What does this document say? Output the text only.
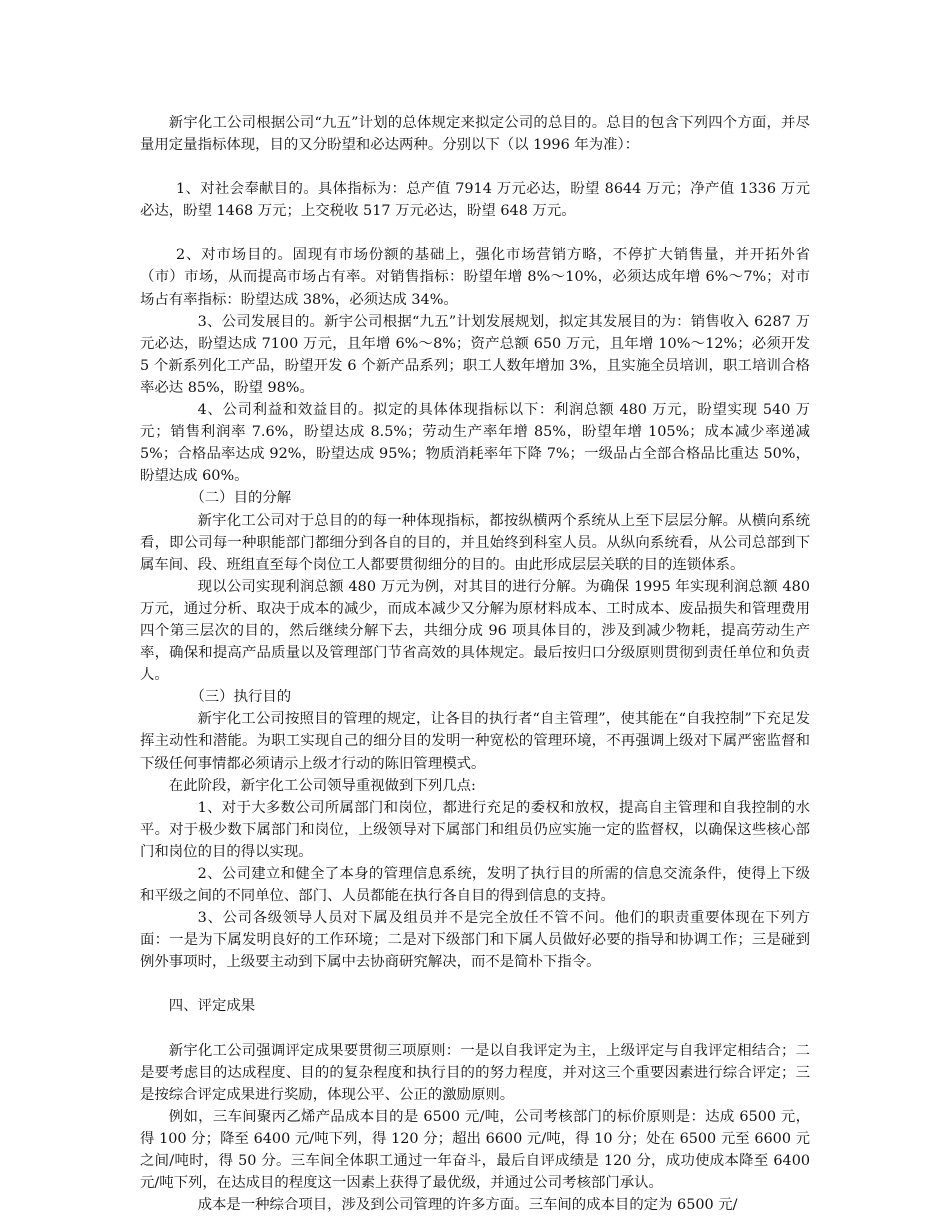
新宇化工公司根据公司“九五”计划的总体规定来拟定公司的总目的。总目的包含下列四个方面，并尽量用定量指标体现，目的又分盼望和必达两种。分别以下（以 1996 年为准）：

1、对社会奉献目的。具体指标为：总产值 7914 万元必达，盼望 8644 万元；净产值 1336 万元必达，盼望 1468 万元；上交税收 517 万元必达，盼望 648 万元。

2、对市场目的。固现有市场份额的基础上，强化市场营销方略，不停扩大销售量，并开拓外省（市）市场，从而提高市场占有率。对销售指标：盼望年增 8%～10%，必须达成年增 6%～7%；对市场占有率指标：盼望达成 38%，必须达成 34%。

3、公司发展目的。新宇公司根据“九五”计划发展规划，拟定其发展目的为：销售收入 6287 万元必达，盼望达成 7100 万元，且年增 6%～8%；资产总额 650 万元，且年增 10%～12%；必须开发 5 个新系列化工产品，盼望开发 6 个新产品系列；职工人数年增加 3%，且实施全员培训，职工培训合格率必达 85%，盼望 98%。

4、公司利益和效益目的。拟定的具体体现指标以下：利润总额 480 万元，盼望实现 540 万元；销售利润率 7.6%，盼望达成 8.5%；劳动生产率年增 85%，盼望年增 105%；成本减少率递减 5%；合格品率达成 92%，盼望达成 95%；物质消耗率年下降 7%；一级品占全部合格品比重达 50%，盼望达成 60%。

（二）目的分解

新宇化工公司对于总目的的每一种体现指标，都按纵横两个系统从上至下层层分解。从横向系统看，即公司每一种职能部门都细分到各自的目的，并且始终到科室人员。从纵向系统看，从公司总部到下属车间、段、班组直至每个岗位工人都要贯彻细分的目的。由此形成层层关联的目的连锁体系。

现以公司实现利润总额 480 万元为例，对其目的进行分解。为确保 1995 年实现利润总额 480 万元，通过分析、取决于成本的减少，而成本减少又分解为原材料成本、工时成本、废品损失和管理费用四个第三层次的目的，然后继续分解下去，共细分成 96 项具体目的，涉及到减少物耗，提高劳动生产率，确保和提高产品质量以及管理部门节省高效的具体规定。最后按归口分级原则贯彻到责任单位和负责人。

（三）执行目的

新宇化工公司按照目的管理的规定，让各目的执行者“自主管理”，使其能在“自我控制”下充足发挥主动性和潜能。为职工实现自己的细分目的发明一种宽松的管理环境，不再强调上级对下属严密监督和下级任何事情都必须请示上级才行动的陈旧管理模式。

在此阶段，新宇化工公司领导重视做到下列几点:

1、对于大多数公司所属部门和岗位，都进行充足的委权和放权，提高自主管理和自我控制的水平。对于极少数下属部门和岗位，上级领导对下属部门和组员仍应实施一定的监督权，以确保这些核心部门和岗位的目的得以实现。

2、公司建立和健全了本身的管理信息系统，发明了执行目的所需的信息交流条件，使得上下级和平级之间的不同单位、部门、人员都能在执行各自目的得到信息的支持。

3、公司各级领导人员对下属及组员并不是完全放任不管不问。他们的职责重要体现在下列方面：一是为下属发明良好的工作环境；二是对下级部门和下属人员做好必要的指导和协调工作；三是碰到例外事项时，上级要主动到下属中去协商研究解决，而不是简朴下指令。

四、评定成果

新宇化工公司强调评定成果要贯彻三项原则：一是以自我评定为主，上级评定与自我评定相结合；二是要考虑目的达成程度、目的的复杂程度和执行目的的努力程度，并对这三个重要因素进行综合评定；三是按综合评定成果进行奖励，体现公平、公正的激励原则。

例如，三车间聚丙乙烯产品成本目的是 6500 元/吨，公司考核部门的标价原则是：达成 6500 元，得 100 分；降至 6400 元/吨下列，得 120 分；超出 6600 元/吨，得 10 分；处在 6500 元至 6600 元之间/吨时，得 50 分。三车间全体职工通过一年奋斗，最后自评成绩是 120 分，成功使成本降至 6400 元/吨下列，在达成目的程度这一因素上获得了最优级，并通过公司考核部门承认。

成本是一种综合项目，涉及到公司管理的许多方面。三车间的成本目的定为 6500 元/
